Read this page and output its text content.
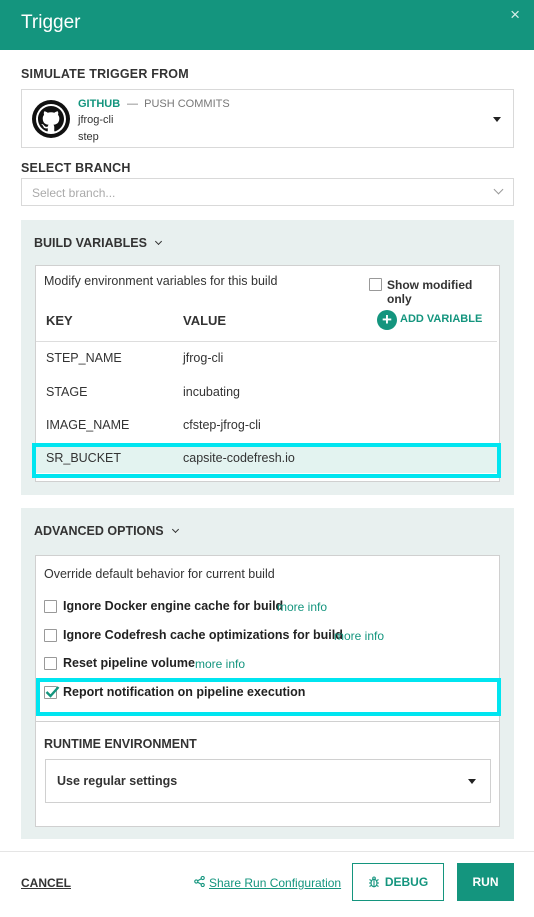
Trigger	×
SIMULATE TRIGGER FROM
GITHUB — PUSH COMMITS
jfrog-cli
step
SELECT BRANCH
Select branch...
BUILD VARIABLES
Modify environment variables for this build	Show modified only
KEY	VALUE	+ ADD VARIABLE
STEP_NAME	jfrog-cli
STAGE	incubating
IMAGE_NAME	cfstep-jfrog-cli
SR_BUCKET	capsite-codefresh.io
ADVANCED OPTIONS
Override default behavior for current build
Ignore Docker engine cache for build
more info
Ignore Codefresh cache optimizations for build
more info
Reset pipeline volume more info
Report notification on pipeline execution
RUNTIME ENVIRONMENT
Use regular settings
CANCEL	Share Run Configuration	DEBUG	RUN
